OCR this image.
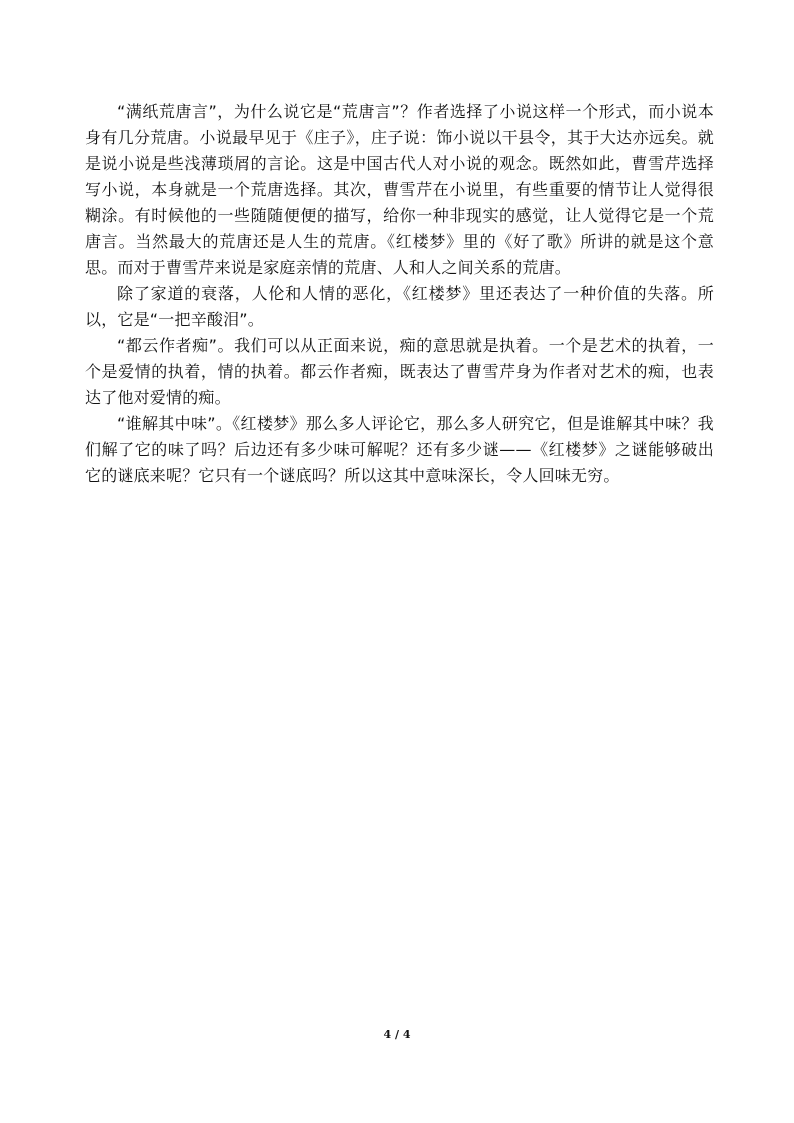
“满纸荒唐言”，为什么说它是“荒唐言”？作者选择了小说这样一个形式，而小说本身有几分荒唐。小说最早见于《庄子》，庄子说：饰小说以干县令，其于大达亦远矣。就是说小说是些浅薄琐屑的言论。这是中国古代人对小说的观念。既然如此，曹雪芹选择写小说，本身就是一个荒唐选择。其次，曹雪芹在小说里，有些重要的情节让人觉得很糊涂。有时候他的一些随随便便的描写，给你一种非现实的感觉，让人觉得它是一个荒唐言。当然最大的荒唐还是人生的荒唐。《红楼梦》里的《好了歌》所讲的就是这个意思。而对于曹雪芹来说是家庭亲情的荒唐、人和人之间关系的荒唐。

除了家道的衰落，人伦和人情的恶化，《红楼梦》里还表达了一种价值的失落。所以，它是“一把辛酸泪”。

“都云作者痴”。我们可以从正面来说，痴的意思就是执着。一个是艺术的执着，一个是爱情的执着，情的执着。都云作者痴，既表达了曹雪芹身为作者对艺术的痴，也表达了他对爱情的痴。

“谁解其中味”。《红楼梦》那么多人评论它，那么多人研究它，但是谁解其中味？我们解了它的味了吗？后边还有多少味可解呢？还有多少谜——《红楼梦》之谜能够破出它的谜底来呢？它只有一个谜底吗？所以这其中意味深长，令人回味无穷。

4 / 4
